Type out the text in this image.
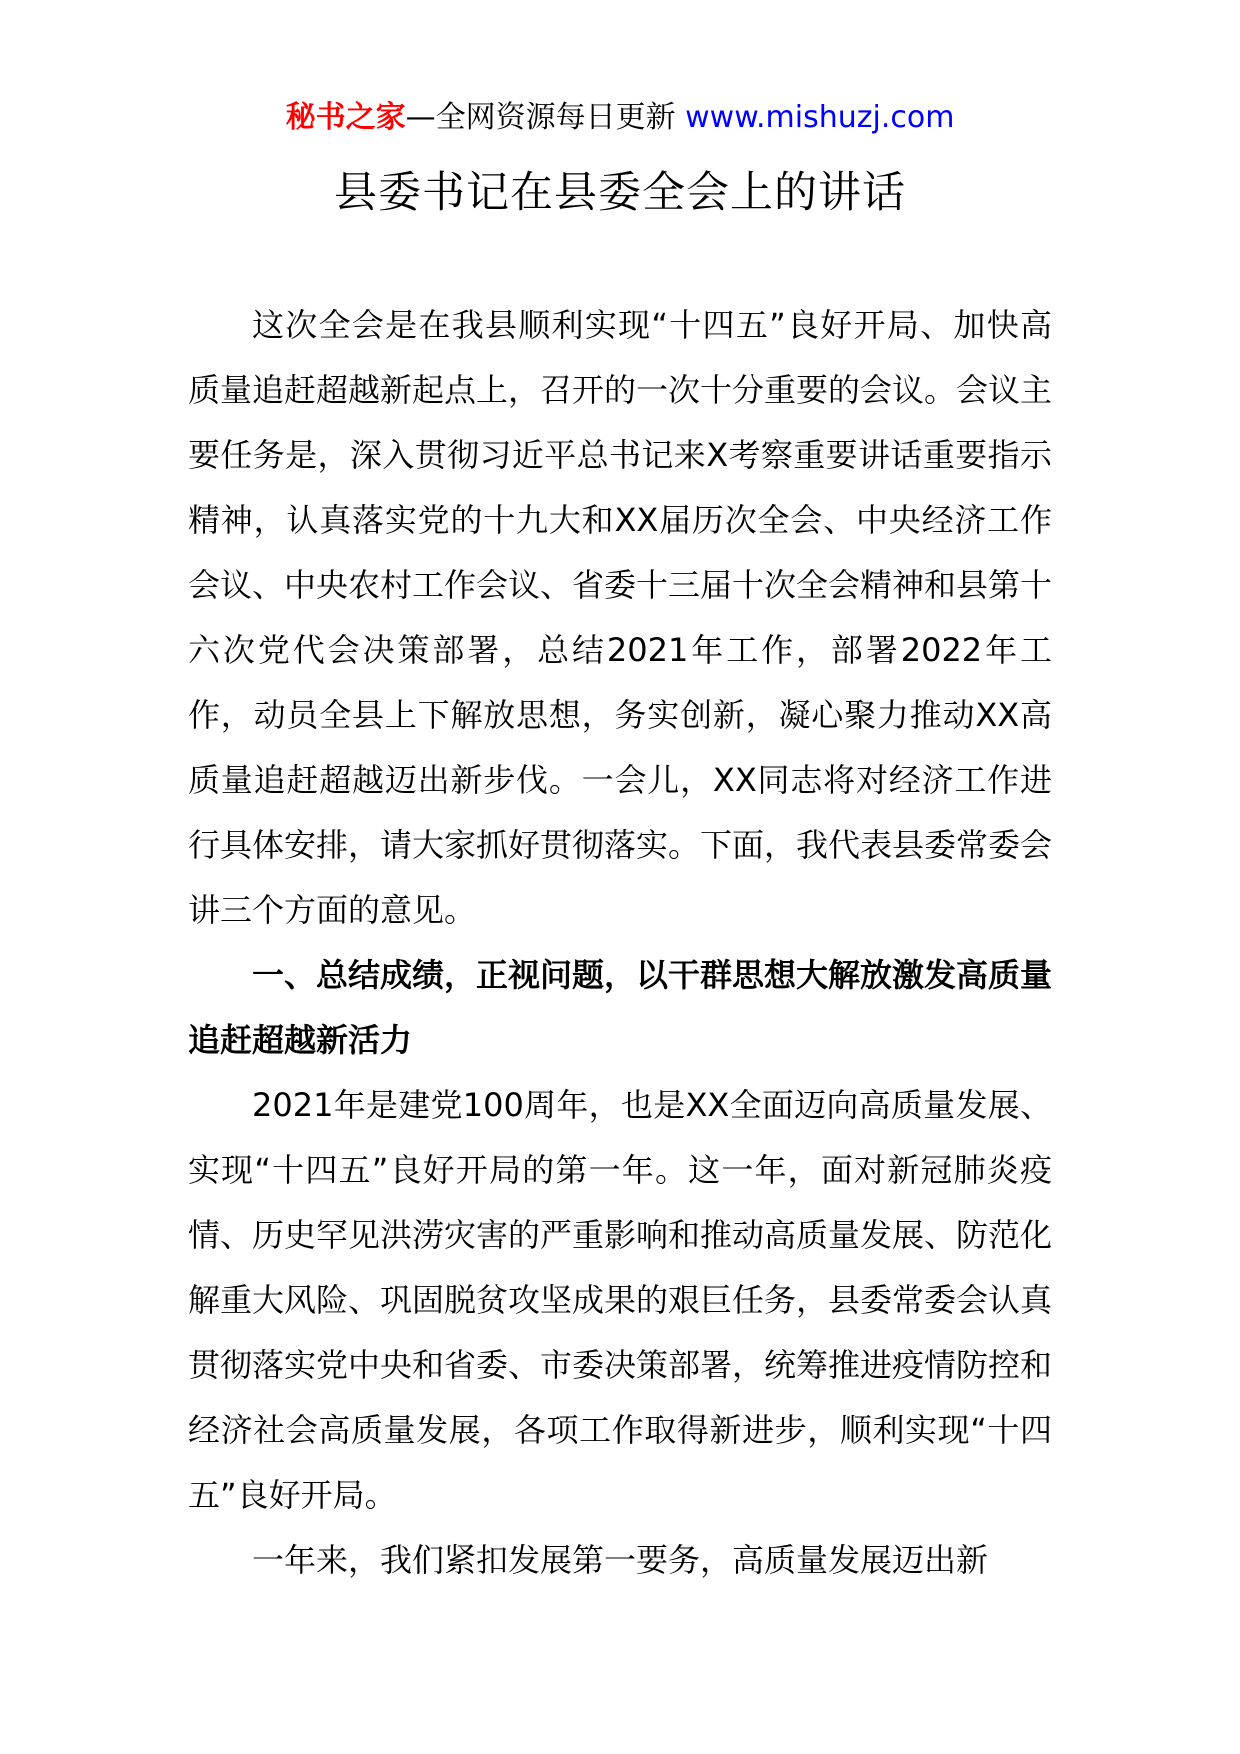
秘书之家—全网资源每日更新 www.mishuzj.com
县委书记在县委全会上的讲话

这次全会是在我县顺利实现“十四五”良好开局、加快高质量追赶超越新起点上，召开的一次十分重要的会议。会议主要任务是，深入贯彻习近平总书记来X考察重要讲话重要指示精神，认真落实党的十九大和XX届历次全会、中央经济工作会议、中央农村工作会议、省委十三届十次全会精神和县第十六次党代会决策部署，总结2021年工作，部署2022年工作，动员全县上下解放思想，务实创新，凝心聚力推动XX高质量追赶超越迈出新步伐。一会儿，XX同志将对经济工作进行具体安排，请大家抓好贯彻落实。下面，我代表县委常委会讲三个方面的意见。

一、总结成绩，正视问题，以干群思想大解放激发高质量追赶超越新活力

2021年是建党100周年，也是XX全面迈向高质量发展、实现“十四五”良好开局的第一年。这一年，面对新冠肺炎疫情、历史罕见洪涝灾害的严重影响和推动高质量发展、防范化解重大风险、巩固脱贫攻坚成果的艰巨任务，县委常委会认真贯彻落实党中央和省委、市委决策部署，统筹推进疫情防控和经济社会高质量发展，各项工作取得新进步，顺利实现“十四五”良好开局。

一年来，我们紧扣发展第一要务，高质量发展迈出新
